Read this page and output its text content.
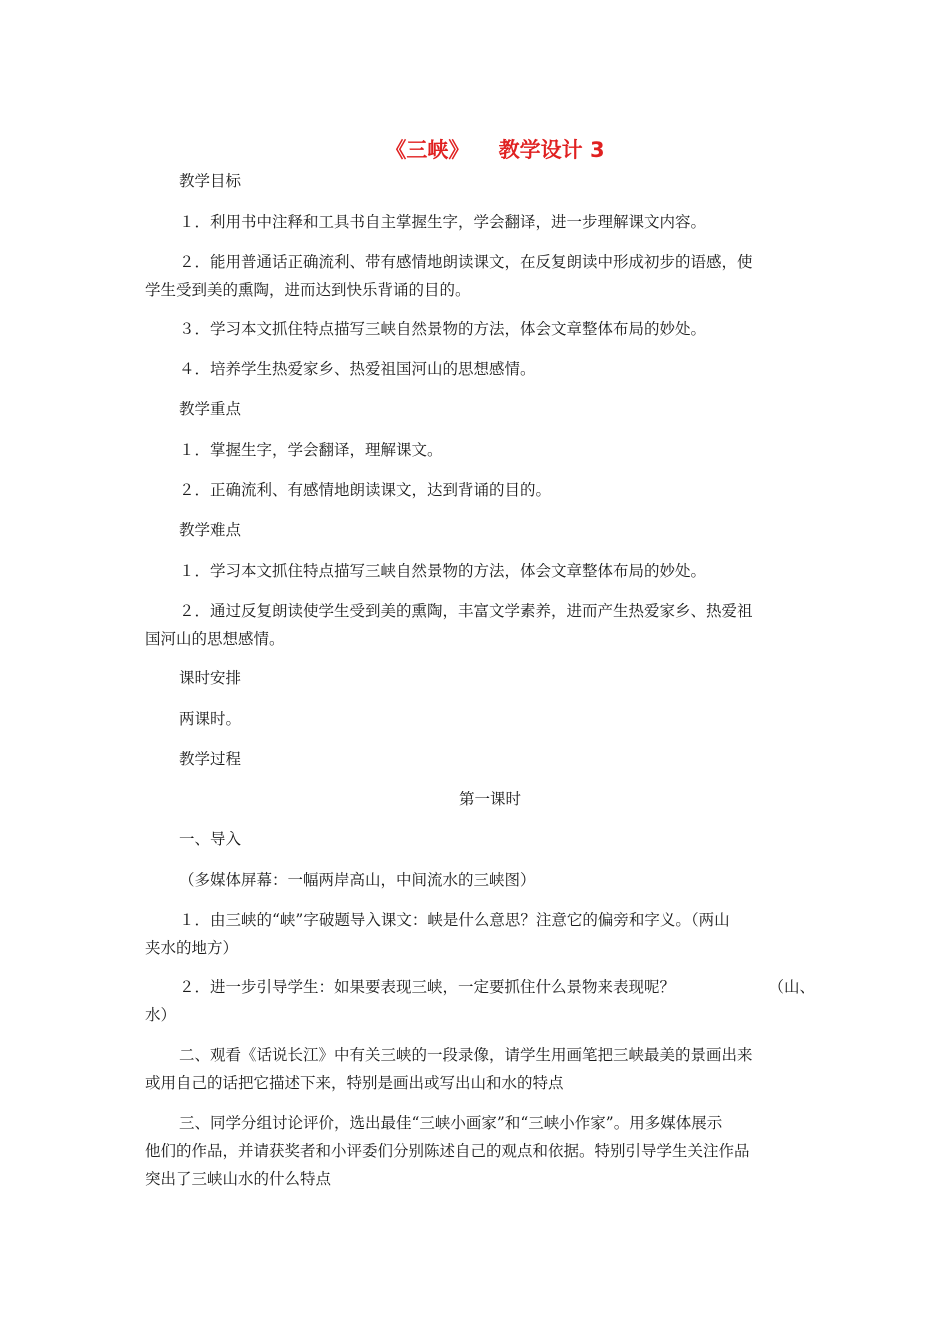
《三峡》    教学设计 3
教学目标
１．利用书中注释和工具书自主掌握生字，学会翻译，进一步理解课文内容。
２．能用普通话正确流利、带有感情地朗读课文，在反复朗读中形成初步的语感，使
学生受到美的熏陶，进而达到快乐背诵的目的。
３．学习本文抓住特点描写三峡自然景物的方法，体会文章整体布局的妙处。
４．培养学生热爱家乡、热爱祖国河山的思想感情。
教学重点
１．掌握生字，学会翻译，理解课文。
２．正确流利、有感情地朗读课文，达到背诵的目的。
教学难点
１．学习本文抓住特点描写三峡自然景物的方法，体会文章整体布局的妙处。
２．通过反复朗读使学生受到美的熏陶，丰富文学素养，进而产生热爱家乡、热爱祖
国河山的思想感情。
课时安排
两课时。
教学过程
第一课时
一、导入
（多媒体屏幕：一幅两岸高山，中间流水的三峡图）
１．由三峡的“峡”字破题导入课文：峡是什么意思？注意它的偏旁和字义。（两山
夹水的地方）
２．进一步引导学生：如果要表现三峡，一定要抓住什么景物来表现呢？	（山、
水）
二、观看《话说长江》中有关三峡的一段录像，请学生用画笔把三峡最美的景画出来
或用自己的话把它描述下来，特别是画出或写出山和水的特点
三、同学分组讨论评价，选出最佳“三峡小画家”和“三峡小作家”。用多媒体展示
他们的作品，并请获奖者和小评委们分别陈述自己的观点和依据。特别引导学生关注作品
突出了三峡山水的什么特点
